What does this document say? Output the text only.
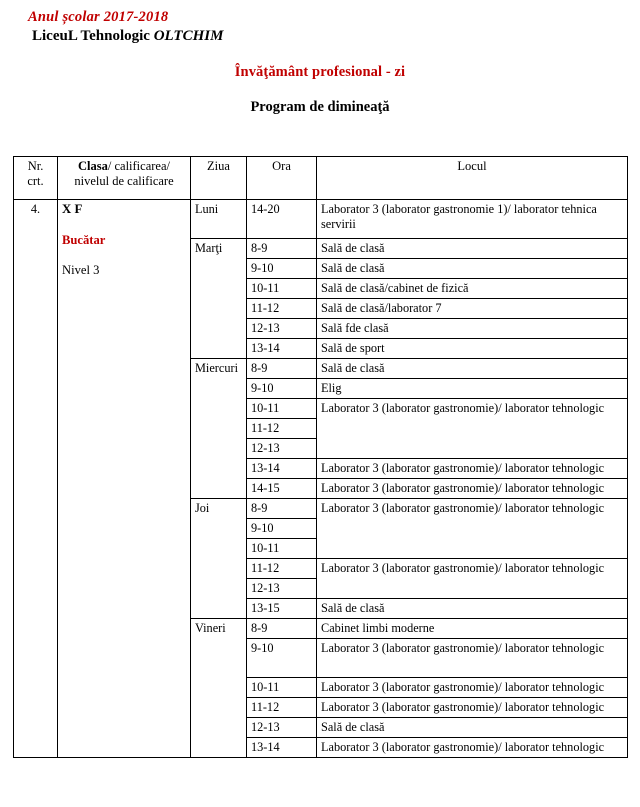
Anul școlar 2017-2018
LiceuL Tehnologic OLTCHIM
Învăţământ profesional - zi
Program de dimineaţă
Nr.
crt.

Clasa/ calificarea/
nivelul de calificare
	Ziua	Ora	Locul
4.	X F
Bucătar
Nivel 3	Luni	14-20	Laborator 3 (laborator gastronomie 1)/ laborator tehnica servirii
		Marţi	8-9	Sală de clasă
			9-10	Sală de clasă
			10-11	Sală de clasă/cabinet de fizică
			11-12	Sală de clasă/laborator 7
			12-13	Sală fde clasă
			13-14	Sală de sport
		Miercuri	8-9	Sală de clasă
			9-10	Elig
			10-11	Laborator 3 (laborator gastronomie)/ laborator tehnologic
			11-12	
			12-13	
			13-14	Laborator 3 (laborator gastronomie)/ laborator tehnologic
			14-15	Laborator 3 (laborator gastronomie)/ laborator tehnologic
		Joi	8-9	Laborator 3 (laborator gastronomie)/ laborator tehnologic
			9-10	
			10-11	
			11-12	Laborator 3 (laborator gastronomie)/ laborator tehnologic
			12-13	
			13-15	Sală de clasă
		Vineri	8-9	Cabinet limbi moderne
			9-10	Laborator 3 (laborator gastronomie)/ laborator tehnologic
			10-11	Laborator 3 (laborator gastronomie)/ laborator tehnologic
			11-12	Laborator 3 (laborator gastronomie)/ laborator tehnologic
			12-13	Sală de clasă
			13-14	Laborator 3 (laborator gastronomie)/ laborator tehnologic
